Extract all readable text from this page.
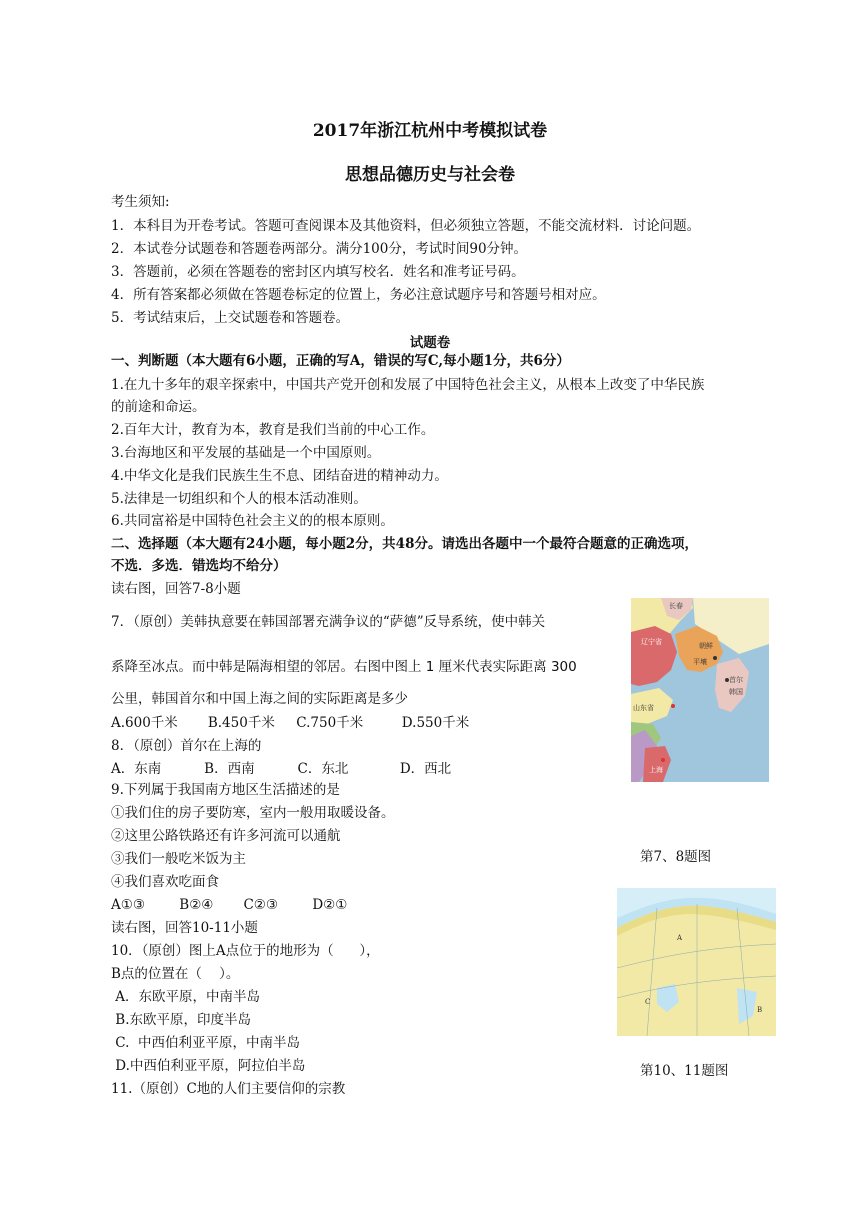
2017年浙江杭州中考模拟试卷
思想品德历史与社会卷
考生须知:
1．本科目为开卷考试。答题可查阅课本及其他资料，但必须独立答题，不能交流材料．讨论问题。
2．本试卷分试题卷和答题卷两部分。满分100分，考试时间90分钟。
3．答题前，必须在答题卷的密封区内填写校名．姓名和准考证号码。
4．所有答案都必须做在答题卷标定的位置上，务必注意试题序号和答题号相对应。
5．考试结束后，上交试题卷和答题卷。
试题卷
一、判断题（本大题有6小题，正确的写A，错误的写C,每小题1分，共6分）
1.在九十多年的艰辛探索中，中国共产党开创和发展了中国特色社会主义，从根本上改变了中华民族
的前途和命运。
2.百年大计，教育为本，教育是我们当前的中心工作。
3.台海地区和平发展的基础是一个中国原则。
4.中华文化是我们民族生生不息、团结奋进的精神动力。
5.法律是一切组织和个人的根本活动准则。
6.共同富裕是中国特色社会主义的的根本原则。
二、选择题（本大题有24小题，每小题2分，共48分。请选出各题中一个最符合题意的正确选项，
不选．多选．错选均不给分）
读右图，回答7-8小题
7．（原创）美韩执意要在韩国部署充满争议的“萨德”反导系统，使中韩关
系降至冰点。而中韩是隔海相望的邻居。右图中图上 1 厘米代表实际距离 300
公里，韩国首尔和中国上海之间的实际距离是多少
A.600千米       B.450千米     C.750千米         D.550千米
8．（原创）首尔在上海的
A．东南          B．西南          C．东北            D．西北
9.下列属于我国南方地区生活描述的是
①我们住的房子要防寒，室内一般用取暖设备。
②这里公路铁路还有许多河流可以通航
③我们一般吃米饭为主
④我们喜欢吃面食
A①③        B②④       C②③        D②①
读右图，回答10-11小题
10．（原创）图上A点位于的地形为（      ），
B点的位置在（    ）。
A．东欧平原，中南半岛
B.东欧平原，印度半岛
C.  中西伯利亚平原，中南半岛
D.中西伯利亚平原，阿拉伯半岛
11.（原创）C地的人们主要信仰的宗教
长春
辽宁省
平壤
朝鲜
首尔
韩国
山东省
上海
第7、8题图
A
B
C
第10、11题图
